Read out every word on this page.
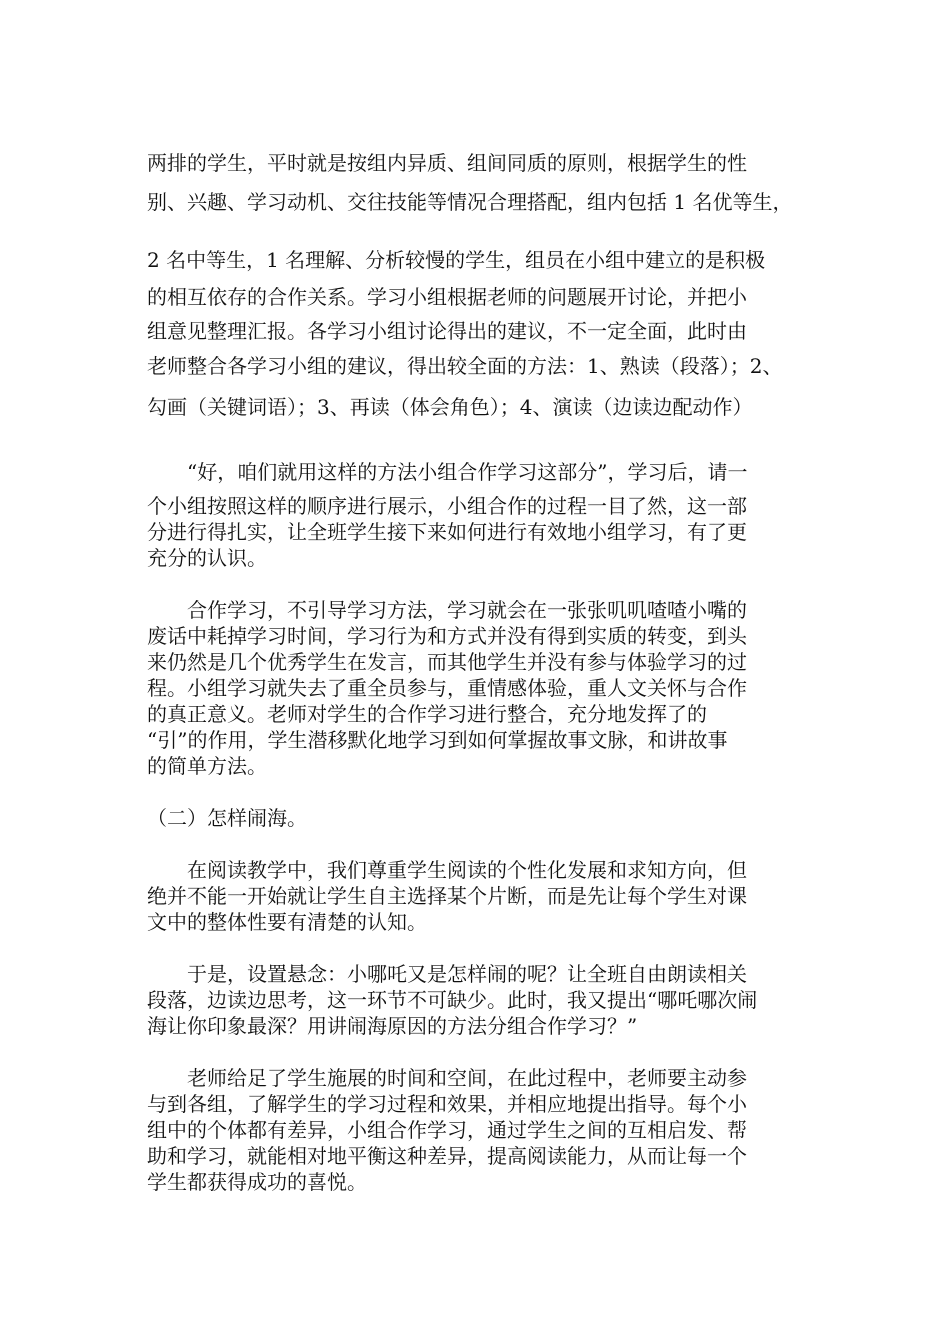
两排的学生，平时就是按组内异质、组间同质的原则，根据学生的性
别、兴趣、学习动机、交往技能等情况合理搭配，组内包括 1 名优等生，
2 名中等生，1 名理解、分析较慢的学生，组员在小组中建立的是积极
的相互依存的合作关系。学习小组根据老师的问题展开讨论，并把小
组意见整理汇报。各学习小组讨论得出的建议，不一定全面，此时由
老师整合各学习小组的建议，得出较全面的方法：1、熟读（段落）；2、
勾画（关键词语）；3、再读（体会角色）；4、演读（边读边配动作）
“好，咱们就用这样的方法小组合作学习这部分”，学习后，请一
个小组按照这样的顺序进行展示，小组合作的过程一目了然，这一部
分进行得扎实，让全班学生接下来如何进行有效地小组学习，有了更
充分的认识。
合作学习，不引导学习方法，学习就会在一张张叽叽喳喳小嘴的
废话中耗掉学习时间，学习行为和方式并没有得到实质的转变，到头
来仍然是几个优秀学生在发言，而其他学生并没有参与体验学习的过
程。小组学习就失去了重全员参与，重情感体验，重人文关怀与合作
的真正意义。老师对学生的合作学习进行整合，充分地发挥了的
“引”的作用，学生潜移默化地学习到如何掌握故事文脉，和讲故事
的简单方法。
（二）怎样闹海。
在阅读教学中，我们尊重学生阅读的个性化发展和求知方向，但
绝并不能一开始就让学生自主选择某个片断，而是先让每个学生对课
文中的整体性要有清楚的认知。
于是，设置悬念：小哪吒又是怎样闹的呢？让全班自由朗读相关
段落，边读边思考，这一环节不可缺少。此时，我又提出“哪吒哪次闹
海让你印象最深？用讲闹海原因的方法分组合作学习？”
老师给足了学生施展的时间和空间，在此过程中，老师要主动参
与到各组，了解学生的学习过程和效果，并相应地提出指导。每个小
组中的个体都有差异，小组合作学习，通过学生之间的互相启发、帮
助和学习，就能相对地平衡这种差异，提高阅读能力，从而让每一个
学生都获得成功的喜悦。
